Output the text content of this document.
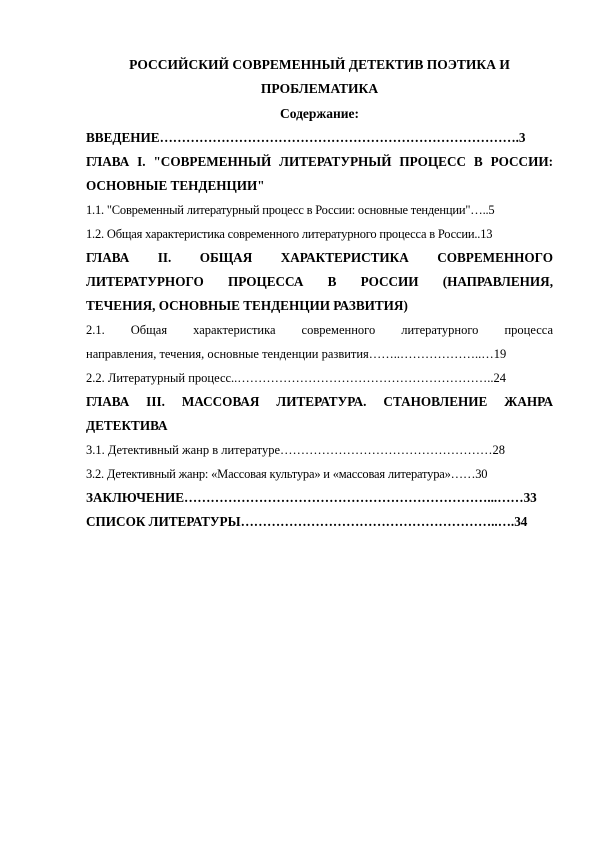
РОССИЙСКИЙ СОВРЕМЕННЫЙ ДЕТЕКТИВ ПОЭТИКА И
ПРОБЛЕМАТИКА
Содержание:
ВВЕДЕНИЕ……………………………………………………………………….3
ГЛАВА I. "СОВРЕМЕННЫЙ ЛИТЕРАТУРНЫЙ ПРОЦЕСС В РОССИИ:
ОСНОВНЫЕ ТЕНДЕНЦИИ"
1.1. "Современный литературный процесс в России: основные тенденции"…..5
1.2. Общая характеристика современного литературного процесса в России..13
ГЛАВА II. ОБЩАЯ ХАРАКТЕРИСТИКА СОВРЕМЕННОГО
ЛИТЕРАТУРНОГО ПРОЦЕССА В РОССИИ (НАПРАВЛЕНИЯ,
ТЕЧЕНИЯ, ОСНОВНЫЕ ТЕНДЕНЦИИ РАЗВИТИЯ)
2.1. Общая характеристика современного литературного процесса
направления, течения, основные тенденции развития……..………………..…19
2.2. Литературный процесс..……………………………………………………..24
ГЛАВА III. МАССОВАЯ ЛИТЕРАТУРА. СТАНОВЛЕНИЕ ЖАНРА
ДЕТЕКТИВА
3.1. Детективный жанр в литературе……………………………………………28
3.2. Детективный жанр: «Массовая культура» и «массовая литература»……30
ЗАКЛЮЧЕНИЕ……………………………………………………………...……33
СПИСОК ЛИТЕРАТУРЫ…………………………………………………..….34
